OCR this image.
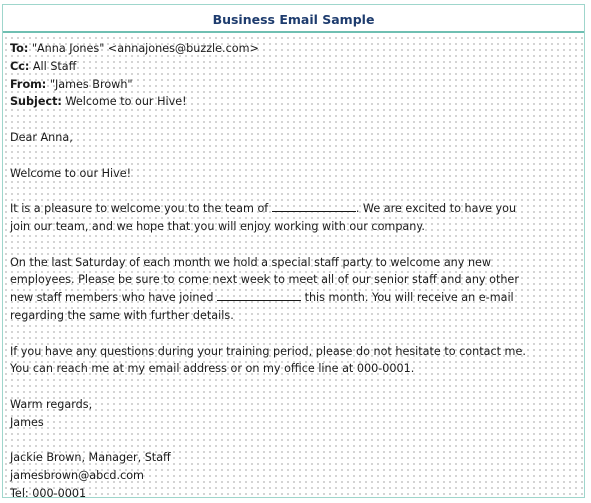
Business Email Sample
To: "Anna Jones" <annajones@buzzle.com>
Cc: All Staff
From: "James Browh"
Subject: Welcome to our Hive!
Dear Anna,
Welcome to our Hive!
It is a pleasure to welcome you to the team of	. We are excited to have you
join our team, and we hope that you will enjoy working with our company.
On the last Saturday of each month we hold a special staff party to welcome any new
employees. Please be sure to come next week to meet all of our senior staff and any other
new staff members who have joined	this month. You will receive an e-mail
regarding the same with further details.
If you have any questions during your training period, please do not hesitate to contact me.
You can reach me at my email address or on my office line at 000-0001.
Warm regards,
James
Jackie Brown, Manager, Staff
jamesbrown@abcd.com
Tel: 000-0001
